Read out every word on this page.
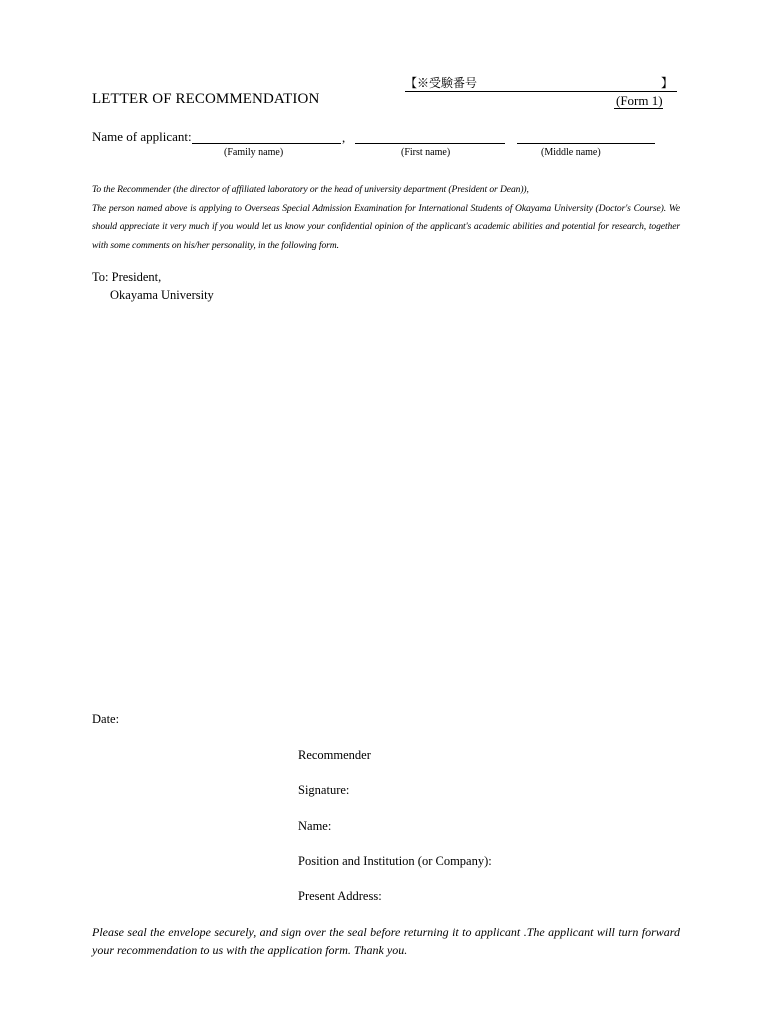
【※受験番号	】
LETTER OF RECOMMENDATION	(Form 1)
Name of applicant:	,
(Family name)	(First name)	(Middle name)

To the Recommender (the director of affiliated laboratory or the head of university department (President or Dean)),

The person named above is applying to Overseas Special Admission Examination for International Students of Okayama University (Doctor's Course). We should appreciate it very much if you would let us know your confidential opinion of the applicant's academic abilities and potential for research, together with some comments on his/her personality, in the following form.

To: President,
Okayama University
Date:
Recommender
Signature:
Name:
Position and Institution (or Company):
Present Address:
Please seal the envelope securely, and sign over the seal before returning it to applicant .The applicant will turn forward your recommendation to us with the application form. Thank you.
